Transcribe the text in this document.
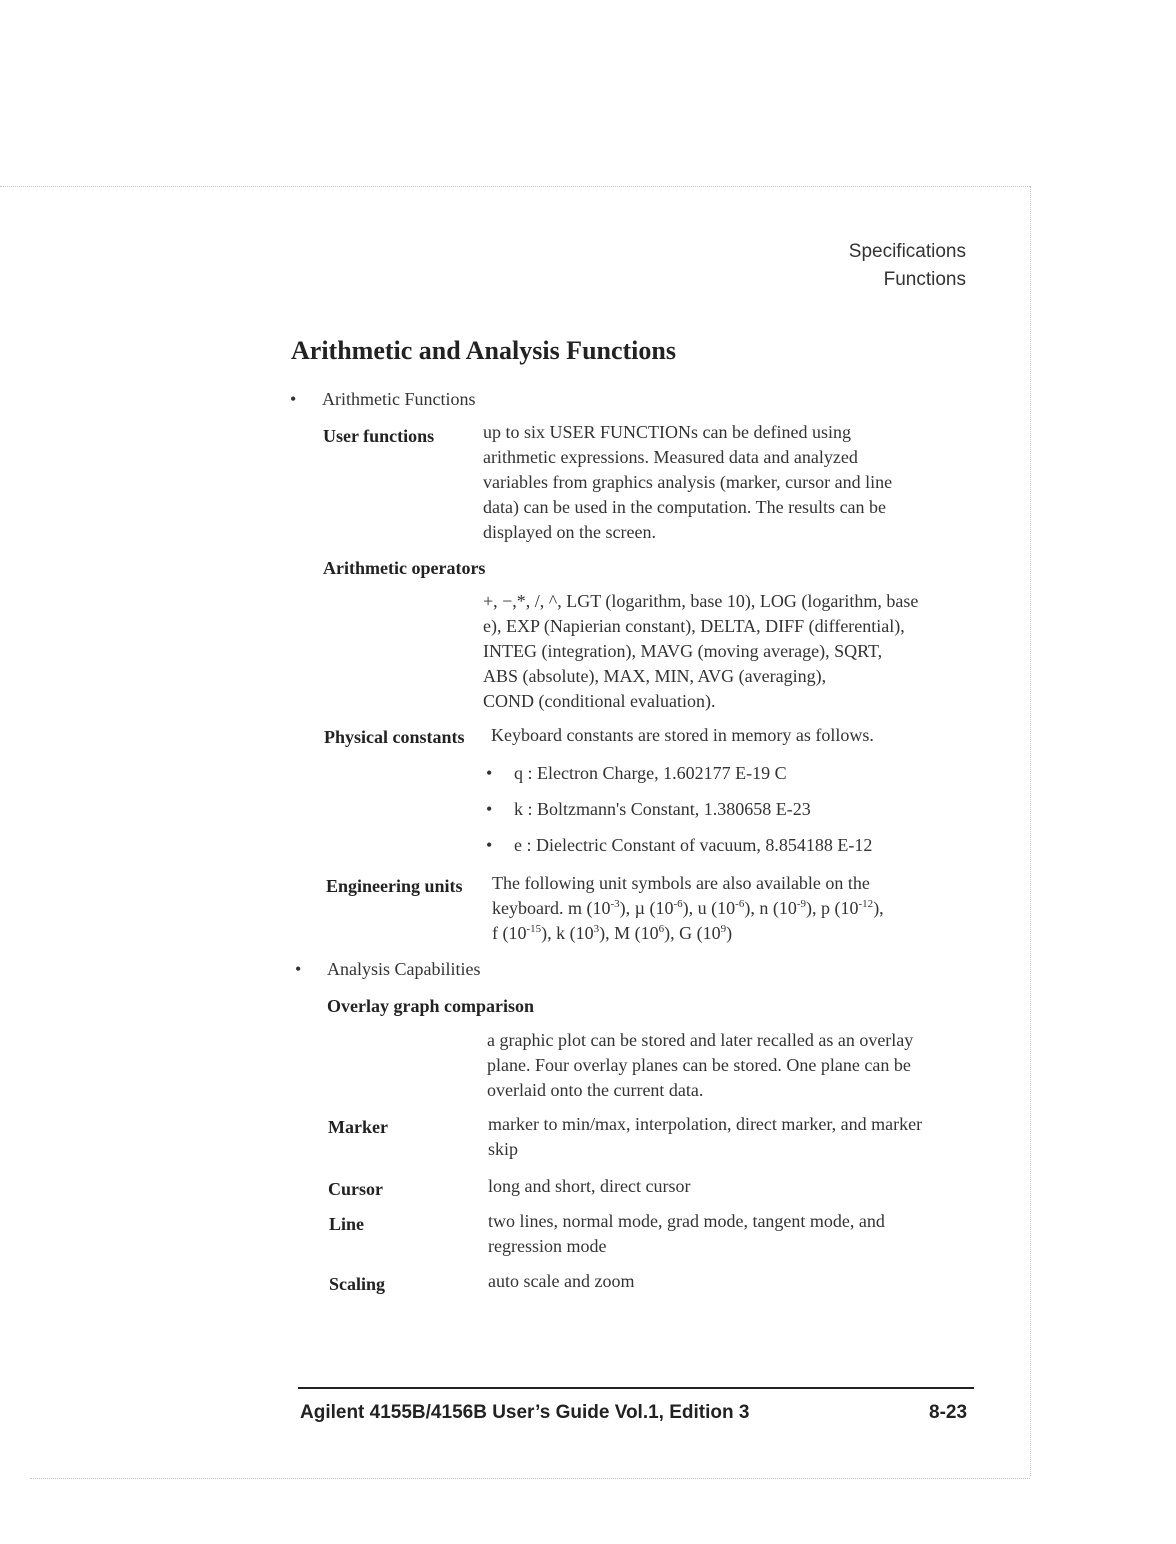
Specifications
Functions
Arithmetic and Analysis Functions
• Arithmetic Functions
User functions	up to six USER FUNCTIONs can be defined using
arithmetic expressions. Measured data and analyzed
variables from graphics analysis (marker, cursor and line
data) can be used in the computation. The results can be
displayed on the screen.
Arithmetic operators
+, −,*, /, ^, LGT (logarithm, base 10), LOG (logarithm, base
e), EXP (Napierian constant), DELTA, DIFF (differential),
INTEG (integration), MAVG (moving average), SQRT,
ABS (absolute), MAX, MIN, AVG (averaging),
COND (conditional evaluation).
Physical constants Keyboard constants are stored in memory as follows.
• q : Electron Charge, 1.602177 E-19 C
• k : Boltzmann's Constant, 1.380658 E-23
• e : Dielectric Constant of vacuum, 8.854188 E-12
Engineering units The following unit symbols are also available on the
keyboard. m $(10^{-3})$, µ $(10^{-6})$, u $(10^{-6})$, n $(10^{-9})$, p $(10^{-12})$,
f $(10^{-15})$, k $(10^3)$, M $(10^6)$, G $(10^9)$
• Analysis Capabilities
Overlay graph comparison
a graphic plot can be stored and later recalled as an overlay
plane. Four overlay planes can be stored. One plane can be
overlaid onto the current data.
Marker	marker to min/max, interpolation, direct marker, and marker
skip
Cursor	long and short, direct cursor
Line	two lines, normal mode, grad mode, tangent mode, and
regression mode
Scaling	auto scale and zoom
Agilent 4155B/4156B User’s Guide Vol.1, Edition 3	8-23
